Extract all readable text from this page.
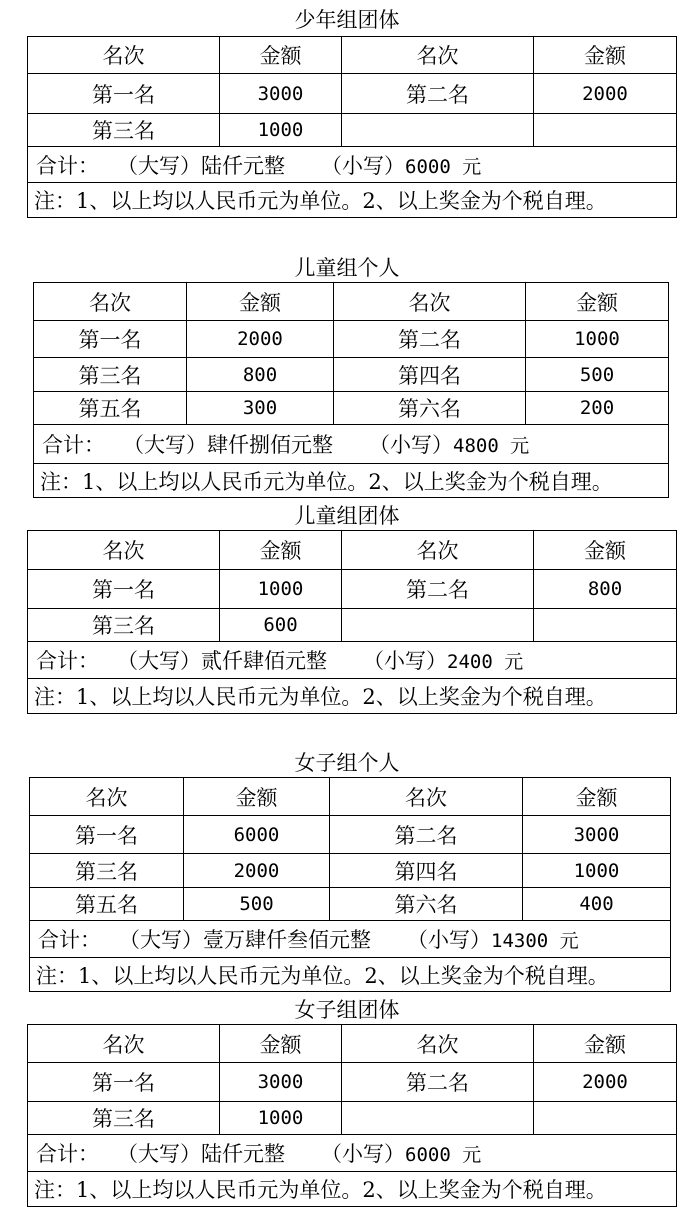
少年组团体
名次	金额	名次	金额
第一名	3000	第二名	2000
第三名	1000		
合计： （大写）陆仟元整 （小写）6000 元			
注：1、以上均以人民币元为单位。2、以上奖金为个税自理。			
儿童组个人
名次	金额	名次	金额
第一名	2000	第二名	1000
第三名	800	第四名	500
第五名	300	第六名	200
合计： （大写）肆仟捌佰元整 （小写）4800 元			
注：1、以上均以人民币元为单位。2、以上奖金为个税自理。			
儿童组团体
名次	金额	名次	金额
第一名	1000	第二名	800
第三名	600		
合计： （大写）贰仟肆佰元整 （小写）2400 元			
注：1、以上均以人民币元为单位。2、以上奖金为个税自理。			
女子组个人
名次	金额	名次	金额
第一名	6000	第二名	3000
第三名	2000	第四名	1000
第五名	500	第六名	400
合计： （大写）壹万肆仟叁佰元整 （小写）14300 元			
注：1、以上均以人民币元为单位。2、以上奖金为个税自理。			
女子组团体
名次	金额	名次	金额
第一名	3000	第二名	2000
第三名	1000		
合计： （大写）陆仟元整 （小写）6000 元			
注：1、以上均以人民币元为单位。2、以上奖金为个税自理。			
